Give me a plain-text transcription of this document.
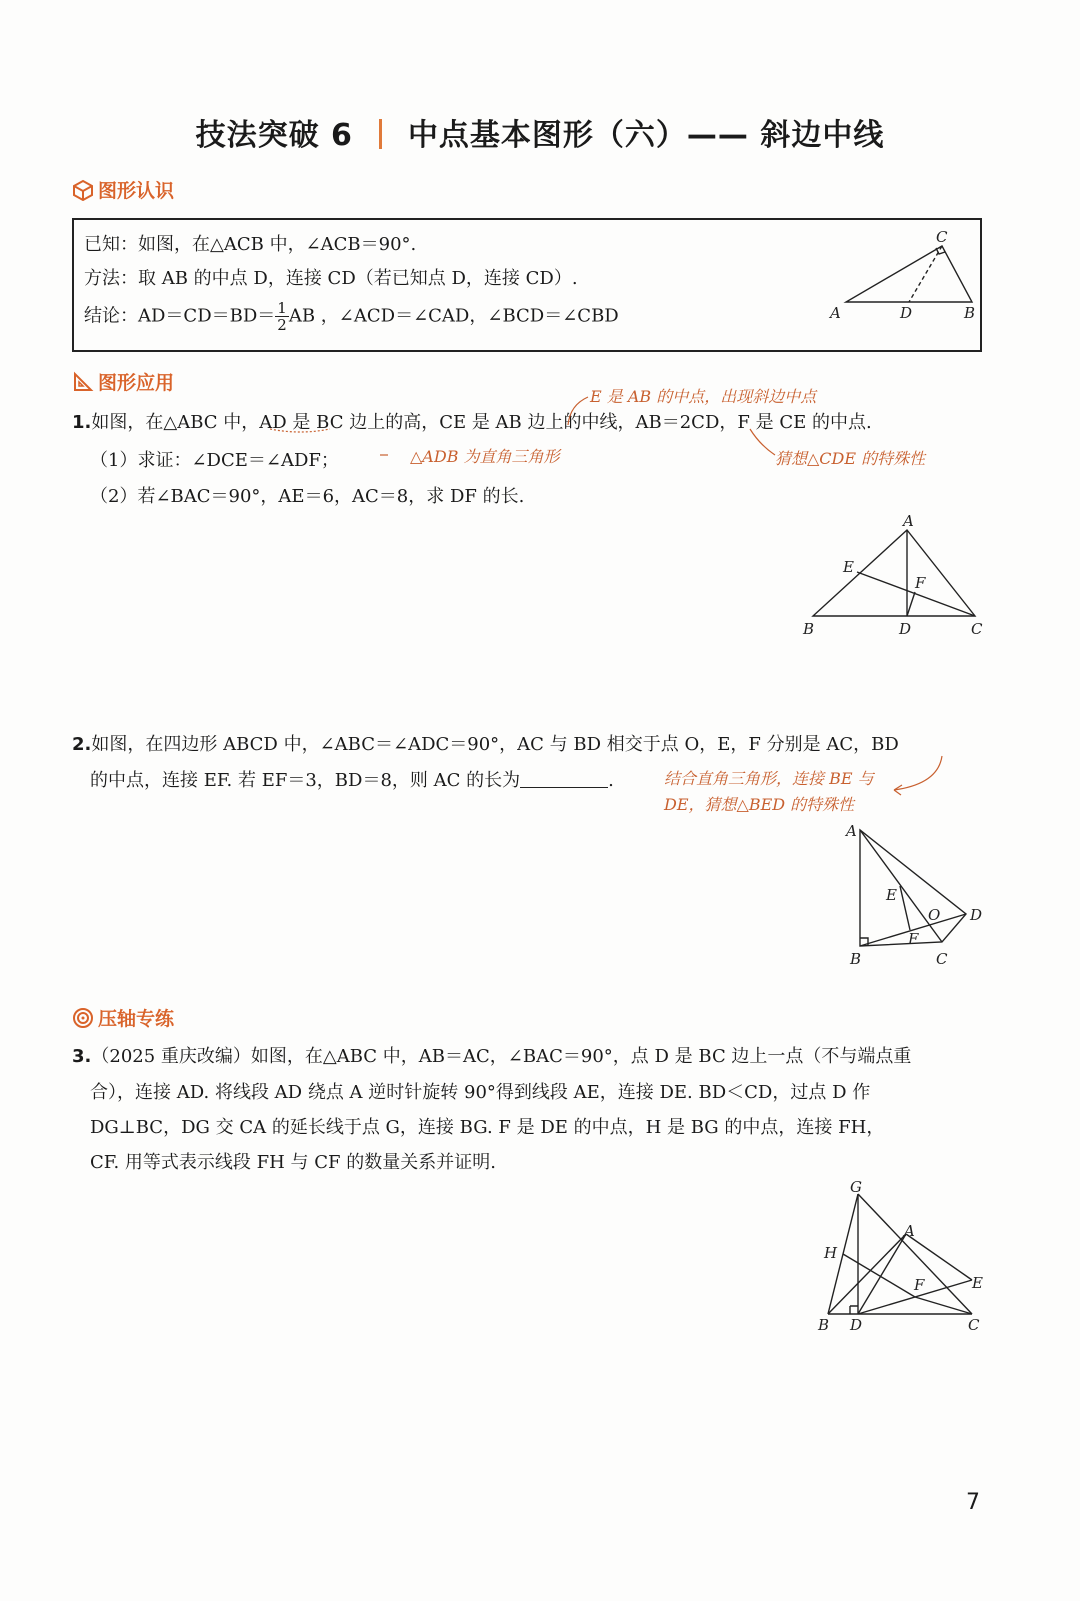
技法突破 6 中点基本图形（六）—— 斜边中线
图形认识
已知：如图，在△ACB 中，∠ACB＝90°.
方法：取 AB 的中点 D，连接 CD（若已知点 D，连接 CD）.
结论：$AD=CD=BD= \frac{1}{2}$ AB ，∠ACD＝∠CAD，∠BCD＝∠CBD	A	B
C
D
图形应用
E 是 AB 的中点，出现斜边中点
1.如图，在△ABC 中，AD 是 BC 边上的高，CE 是 AB 边上的中线，AB＝2CD，F 是 CE 的中点.
△ADB 为直角三角形	猜想△CDE 的特殊性
（1）求证：∠DCE＝∠ADF；
（2）若∠BAC＝90°，AE＝6，AC＝8，求 DF 的长.
A
B	C
D
E
F
2.如图，在四边形 ABCD 中，∠ABC＝∠ADC＝90°，AC 与 BD 相交于点 O，E，F 分别是 AC，BD
的中点，连接 EF. 若 EF＝3，BD＝8，则 AC 的长为	.	结合直角三角形，连接 BE 与
DE，猜想△BED 的特殊性
A
B	C
D
E
F
O
压轴专练
3.（2025 重庆改编）如图，在△ABC 中，AB＝AC，∠BAC＝90°，点 D 是 BC 边上一点（不与端点重
合），连接 AD. 将线段 AD 绕点 A 逆时针旋转 90°得到线段 AE，连接 DE. BD＜CD，过点 D 作
DG⊥BC，DG 交 CA 的延长线于点 G，连接 BG. F 是 DE 的中点，H 是 BG 的中点，连接 FH，
CF. 用等式表示线段 FH 与 CF 的数量关系并证明.
G
A
H
F	E
B D	C
7
